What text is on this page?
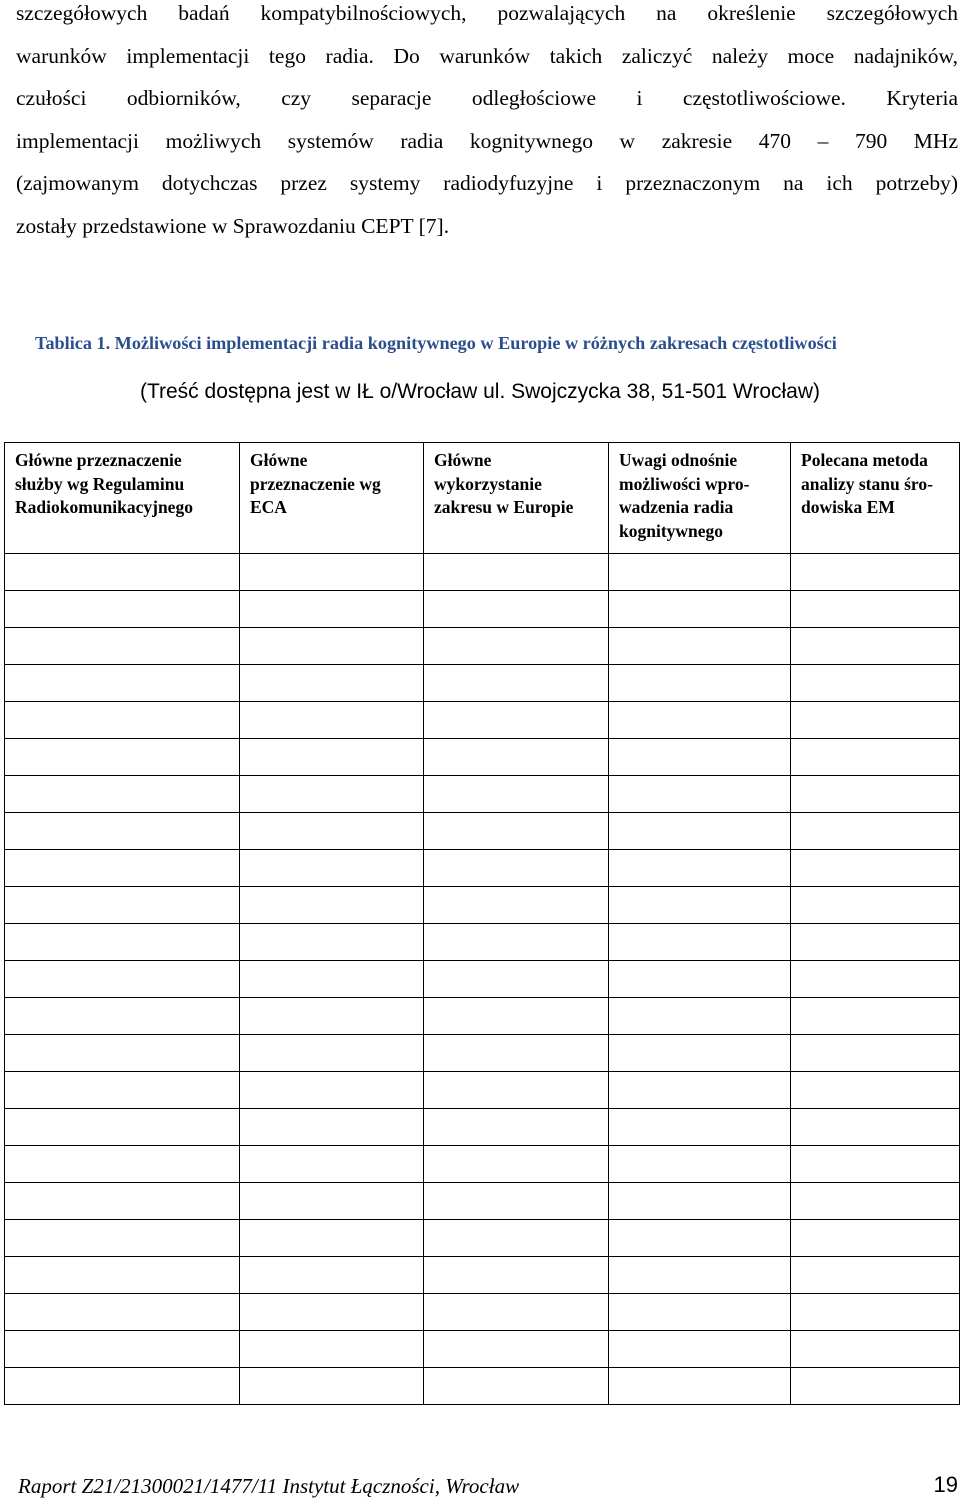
szczegółowych badań kompatybilnościowych, pozwalających na określenie szczegółowych
warunków implementacji tego radia. Do warunków takich zaliczyć należy moce nadajników,
czułości odbiorników, czy separacje odległościowe i częstotliwościowe. Kryteria
implementacji możliwych systemów radia kognitywnego w zakresie 470 – 790 MHz
(zajmowanym dotychczas przez systemy radiodyfuzyjne i przeznaczonym na ich potrzeby)
zostały przedstawione w Sprawozdaniu CEPT [7].
Tablica 1. Możliwości implementacji radia kognitywnego w Europie w różnych zakresach częstotliwości
(Treść dostępna jest w IŁ o/Wrocław ul. Swojczycka 38, 51-501 Wrocław)
Główne przeznaczenie służby wg Regulaminu Radiokomunikacyjnego	Główne przeznaczenie wg ECA	Główne wykorzystanie zakresu w Europie	Uwagi odnośnie możliwości wpro-wadzenia radia kognitywnego	Polecana metoda analizy stanu śro-dowiska EM

Raport Z21/21300021/1477/11 Instytut Łączności, Wrocław	19
